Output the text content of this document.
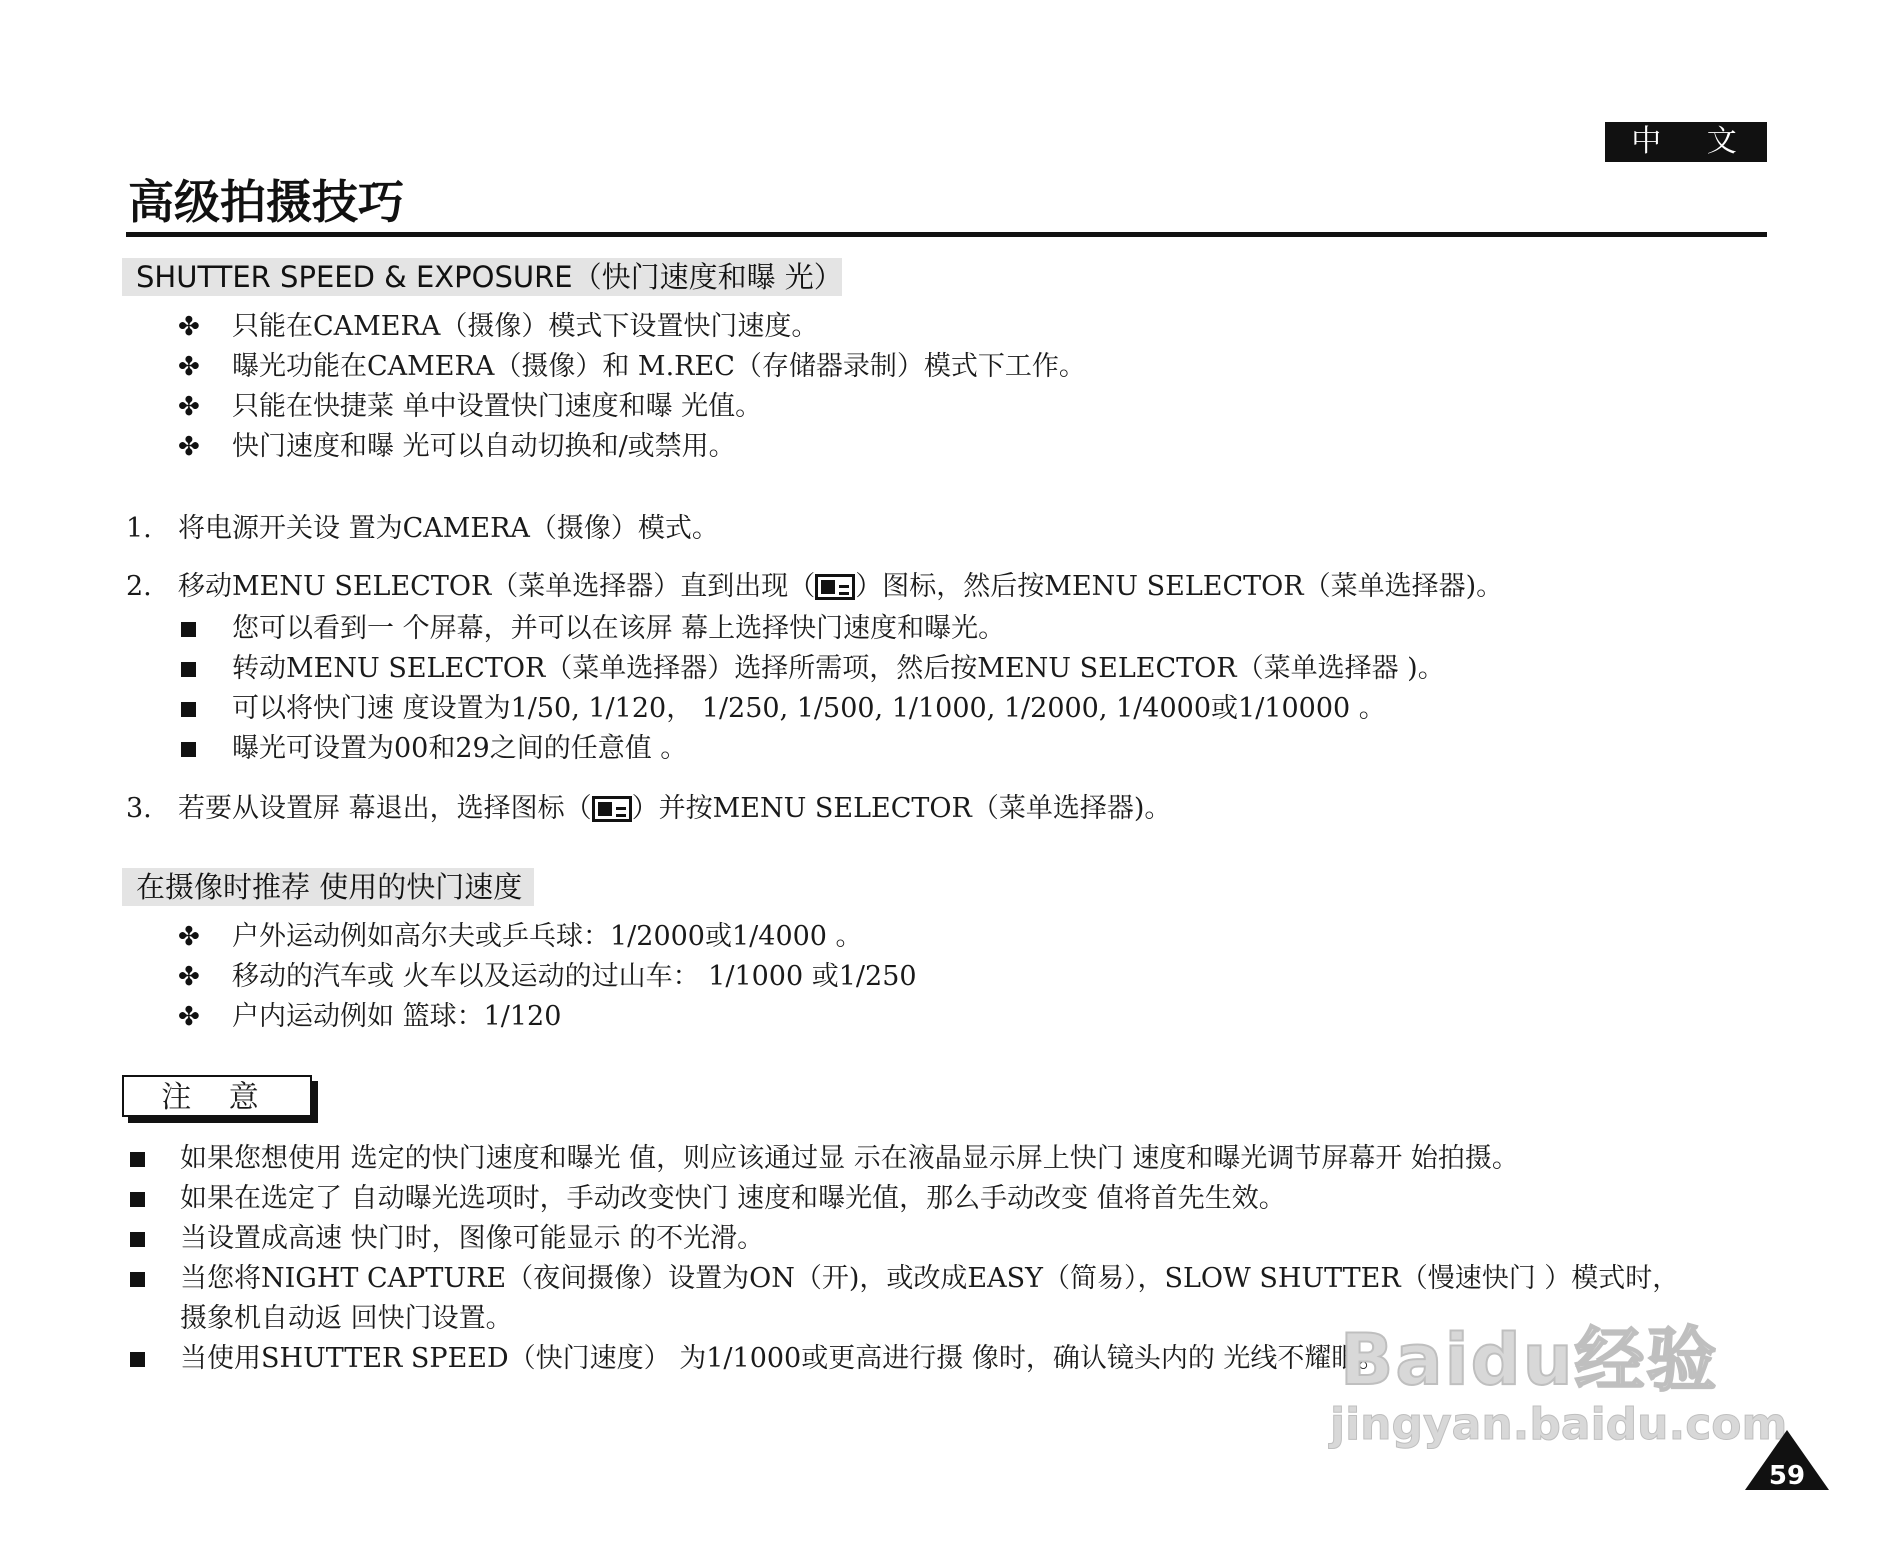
中 文
高级拍摄技巧
SHUTTER SPEED & EXPOSURE（快门速度和曝 光）
✤ 只能在CAMERA（摄像）模式下设置快门速度。
✤ 曝光功能在CAMERA（摄像）和 M.REC（存储器录制）模式下工作。
✤ 只能在快捷菜 单中设置快门速度和曝 光值。
✤ 快门速度和曝 光可以自动切换和/或禁用。
1. 将电源开关设 置为CAMERA（摄像）模式。
2. 移动MENU SELECTOR（菜单选择器）直到出现（ ）图标，然后按MENU SELECTOR（菜单选择器)。
您可以看到一 个屏幕，并可以在该屏 幕上选择快门速度和曝光。
转动MENU SELECTOR（菜单选择器）选择所需项，然后按MENU SELECTOR（菜单选择器 )。
可以将快门速 度设置为1/50, 1/120， 1/250, 1/500, 1/1000, 1/2000, 1/4000或1/10000 。
曝光可设置为00和29之间的任意值 。
3. 若要从设置屏 幕退出，选择图标（ ）并按MENU SELECTOR（菜单选择器)。
在摄像时推荐 使用的快门速度
✤ 户外运动例如高尔夫或乒乓球：1/2000或1/4000 。
✤ 移动的汽车或 火车以及运动的过山车： 1/1000 或1/250
✤ 户内运动例如 篮球：1/120
注 意
如果您想使用 选定的快门速度和曝光 值，则应该通过显 示在液晶显示屏上快门 速度和曝光调节屏幕开 始拍摄。
如果在选定了 自动曝光选项时，手动改变快门 速度和曝光值，那么手动改变 值将首先生效。
当设置成高速 快门时，图像可能显示 的不光滑。
当您将NIGHT CAPTURE（夜间摄像）设置为ON（开)，或改成EASY（简易），SLOW SHUTTER（慢速快门 ）模式时，
摄象机自动返 回快门设置。
当使用SHUTTER SPEED（快门速度） 为1/1000或更高进行摄 像时，确认镜头内的 光线不耀眼。
Baidu经验
jingyan.baidu.com
59
